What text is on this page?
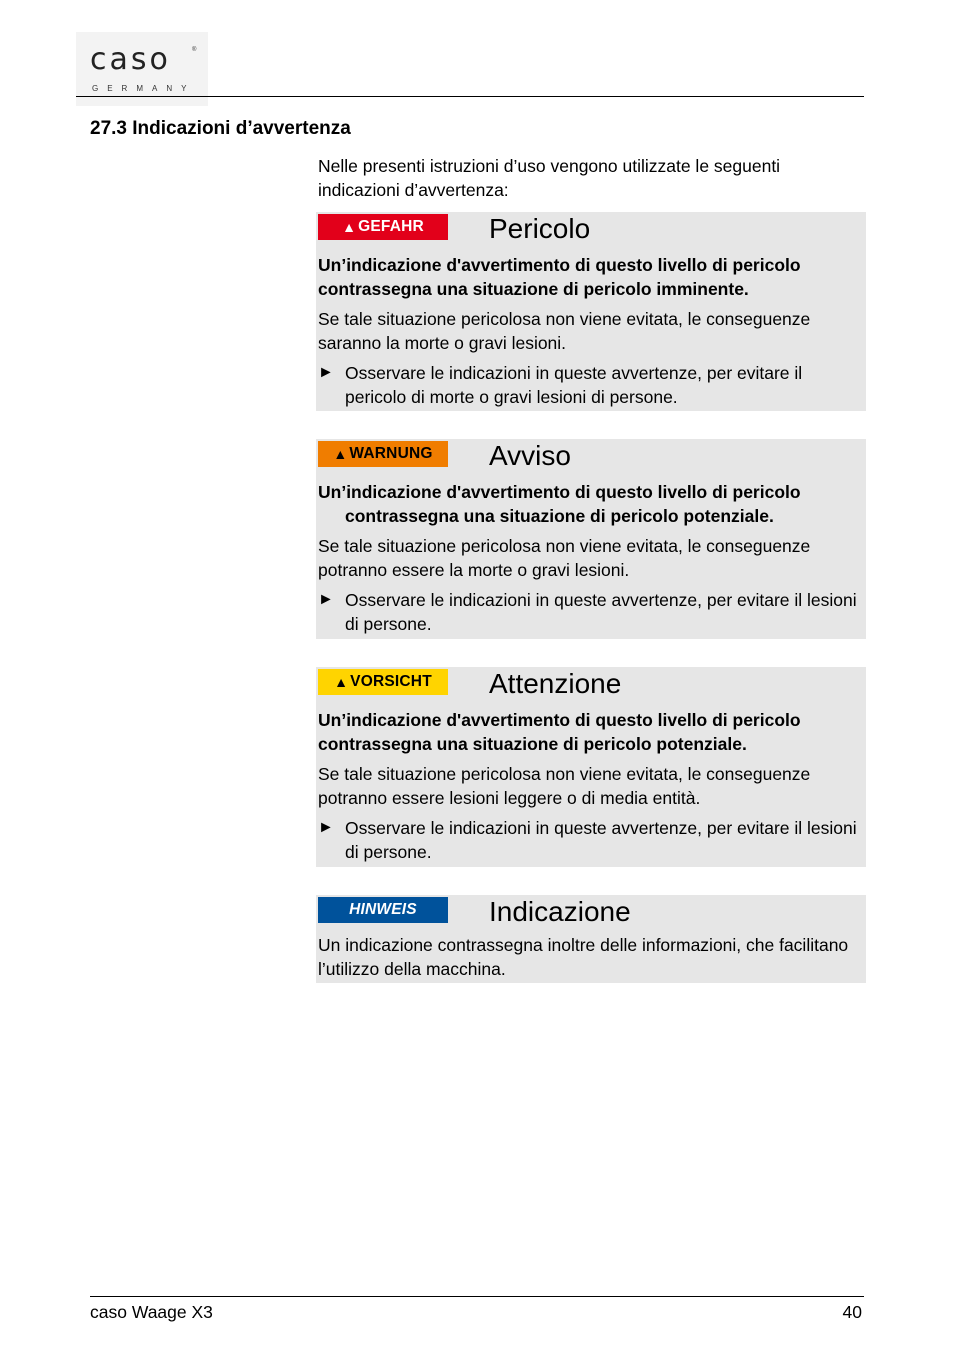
caso	®
GERMANY
27.3 Indicazioni d’avvertenza
Nelle presenti istruzioni d’uso vengono utilizzate le seguenti indicazioni d’avvertenza:
▲ GEFAHR Pericolo

Un’indicazione d'avvertimento di questo livello di pericolo contrassegna una situazione di pericolo imminente.

Se tale situazione pericolosa non viene evitata, le conseguenze saranno la morte o gravi lesioni.

► Osservare le indicazioni in queste avvertenze, per evitare il pericolo di morte o gravi lesioni di persone.
▲ WARNUNG Avviso

Un’indicazione d'avvertimento di questo livello di pericolo contrassegna una situazione di pericolo potenziale.

Se tale situazione pericolosa non viene evitata, le conseguenze potranno essere la morte o gravi lesioni.

► Osservare le indicazioni in queste avvertenze, per evitare il lesioni di persone.
▲ VORSICHT Attenzione

Un’indicazione d'avvertimento di questo livello di pericolo contrassegna una situazione di pericolo potenziale.

Se tale situazione pericolosa non viene evitata, le conseguenze potranno essere lesioni leggere o di media entità.

► Osservare le indicazioni in queste avvertenze, per evitare il lesioni di persone.
HINWEIS	Indicazione

Un indicazione contrassegna inoltre delle informazioni, che facilitano l’utilizzo della macchina.

caso Waage X3	40
